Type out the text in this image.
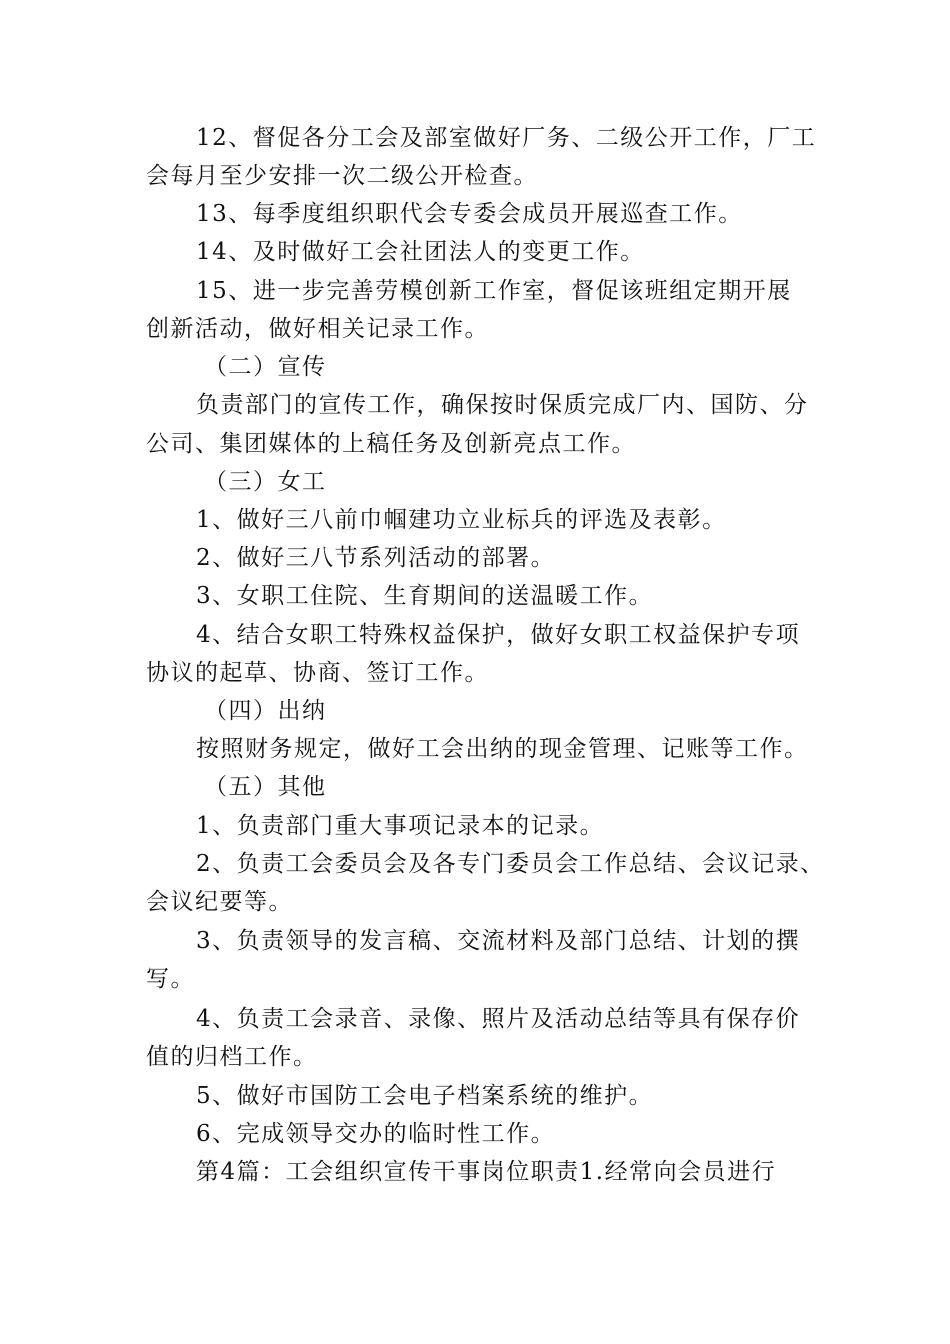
12、督促各分工会及部室做好厂务、二级公开工作，厂工
会每月至少安排一次二级公开检查。
13、每季度组织职代会专委会成员开展巡查工作。
14、及时做好工会社团法人的变更工作。
15、进一步完善劳模创新工作室，督促该班组定期开展
创新活动，做好相关记录工作。
（二）宣传
负责部门的宣传工作，确保按时保质完成厂内、国防、分
公司、集团媒体的上稿任务及创新亮点工作。
（三）女工
1、做好三八前巾帼建功立业标兵的评选及表彰。
2、做好三八节系列活动的部署。
3、女职工住院、生育期间的送温暖工作。
4、结合女职工特殊权益保护，做好女职工权益保护专项
协议的起草、协商、签订工作。
（四）出纳
按照财务规定，做好工会出纳的现金管理、记账等工作。
（五）其他
1、负责部门重大事项记录本的记录。
2、负责工会委员会及各专门委员会工作总结、会议记录、
会议纪要等。
3、负责领导的发言稿、交流材料及部门总结、计划的撰
写。
4、负责工会录音、录像、照片及活动总结等具有保存价
值的归档工作。
5、做好市国防工会电子档案系统的维护。
6、完成领导交办的临时性工作。
第4篇：工会组织宣传干事岗位职责1.经常向会员进行
